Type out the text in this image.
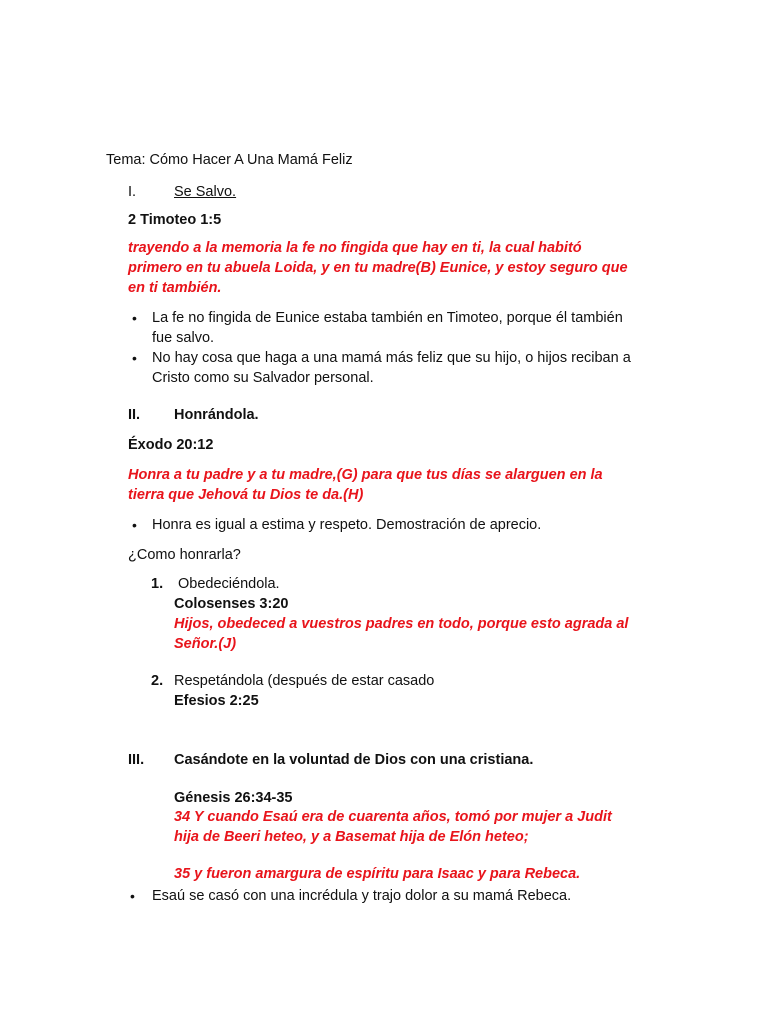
Tema: Cómo Hacer A Una Mamá Feliz
I.	Se Salvo.
2 Timoteo 1:5
trayendo a la memoria la fe no fingida que hay en ti, la cual habitó
primero en tu abuela Loida, y en tu madre(B) Eunice, y estoy seguro que
en ti también.
• La fe no fingida de Eunice estaba también en Timoteo, porque él también
fue salvo.
• No hay cosa que haga a una mamá más feliz que su hijo, o hijos reciban a
Cristo como su Salvador personal.
II. Honrándola.
Éxodo 20:12
Honra a tu padre y a tu madre,(G) para que tus días se alarguen en la
tierra que Jehová tu Dios te da.(H)
• Honra es igual a estima y respeto. Demostración de aprecio.
¿Como honrarla?
1. Obedeciéndola.
Colosenses 3:20
Hijos, obedeced a vuestros padres en todo, porque esto agrada al
Señor.(J)
2. Respetándola (después de estar casado
Efesios 2:25
III. Casándote en la voluntad de Dios con una cristiana.
Génesis 26:34-35
34 Y cuando Esaú era de cuarenta años, tomó por mujer a Judit
hija de Beeri heteo, y a Basemat hija de Elón heteo;
35 y fueron amargura de espíritu para Isaac y para Rebeca.
• Esaú se casó con una incrédula y trajo dolor a su mamá Rebeca.
